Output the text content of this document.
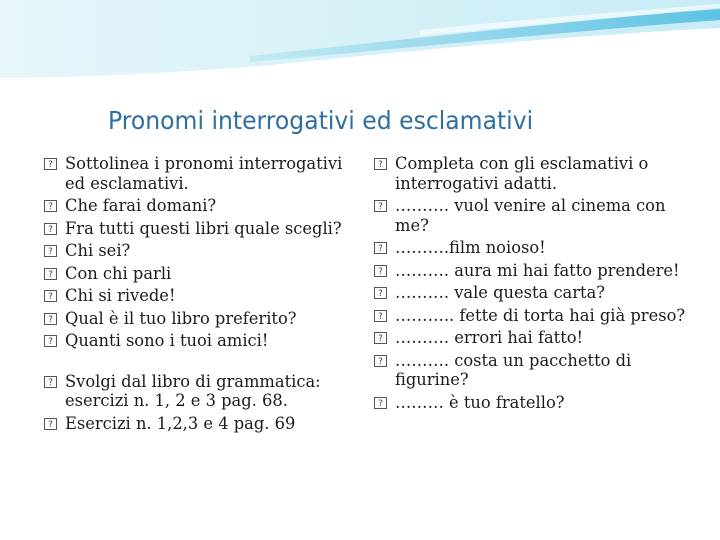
Pronomi interrogativi ed esclamativi
?
Sottolinea i pronomi interrogativi ed esclamativi.
?
Che farai domani?
?
Fra tutti questi libri quale scegli?
?
Chi sei?
?
Con chi parli
?
Chi si rivede!
?
Qual è il tuo libro preferito?
?
Quanti sono i tuoi amici!
?
Svolgi dal libro di grammatica: esercizi n. 1, 2 e 3 pag. 68.
?
Esercizi n. 1,2,3 e 4 pag. 69
?
Completa con gli esclamativi o interrogativi adatti.
?
………. vuol venire al cinema con me?
?
……….film noioso!
?
………. aura mi hai fatto prendere!
?
………. vale questa carta?
?
……….. fette di torta hai già preso?
?
………. errori hai fatto!
?
………. costa un pacchetto di figurine?
?
……… è tuo fratello?
